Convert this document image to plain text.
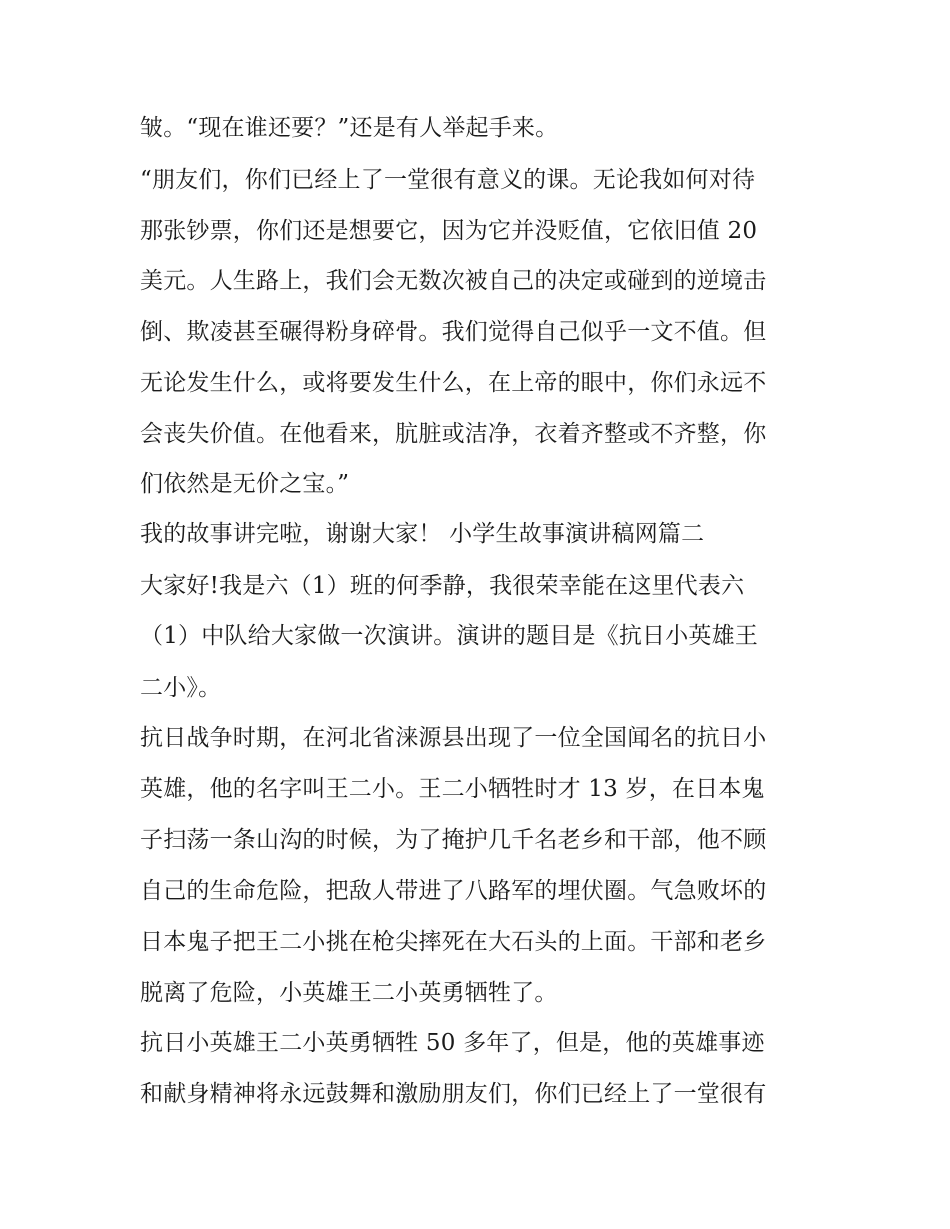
皱。“现在谁还要？”还是有人举起手来。
“朋友们，你们已经上了一堂很有意义的课。无论我如何对待
那张钞票，你们还是想要它，因为它并没贬值，它依旧值 20
美元。人生路上，我们会无数次被自己的决定或碰到的逆境击
倒、欺凌甚至碾得粉身碎骨。我们觉得自己似乎一文不值。但
无论发生什么，或将要发生什么，在上帝的眼中，你们永远不
会丧失价值。在他看来，肮脏或洁净，衣着齐整或不齐整，你
们依然是无价之宝。”
我的故事讲完啦，谢谢大家！ 小学生故事演讲稿网篇二
大家好!我是六（1）班的何季静，我很荣幸能在这里代表六
（1）中队给大家做一次演讲。演讲的题目是《抗日小英雄王
二小》。
抗日战争时期，在河北省涞源县出现了一位全国闻名的抗日小
英雄，他的名字叫王二小。王二小牺牲时才 13 岁，在日本鬼
子扫荡一条山沟的时候，为了掩护几千名老乡和干部，他不顾
自己的生命危险，把敌人带进了八路军的埋伏圈。气急败坏的
日本鬼子把王二小挑在枪尖摔死在大石头的上面。干部和老乡
脱离了危险，小英雄王二小英勇牺牲了。
抗日小英雄王二小英勇牺牲 50 多年了，但是，他的英雄事迹
和献身精神将永远鼓舞和激励朋友们，你们已经上了一堂很有
